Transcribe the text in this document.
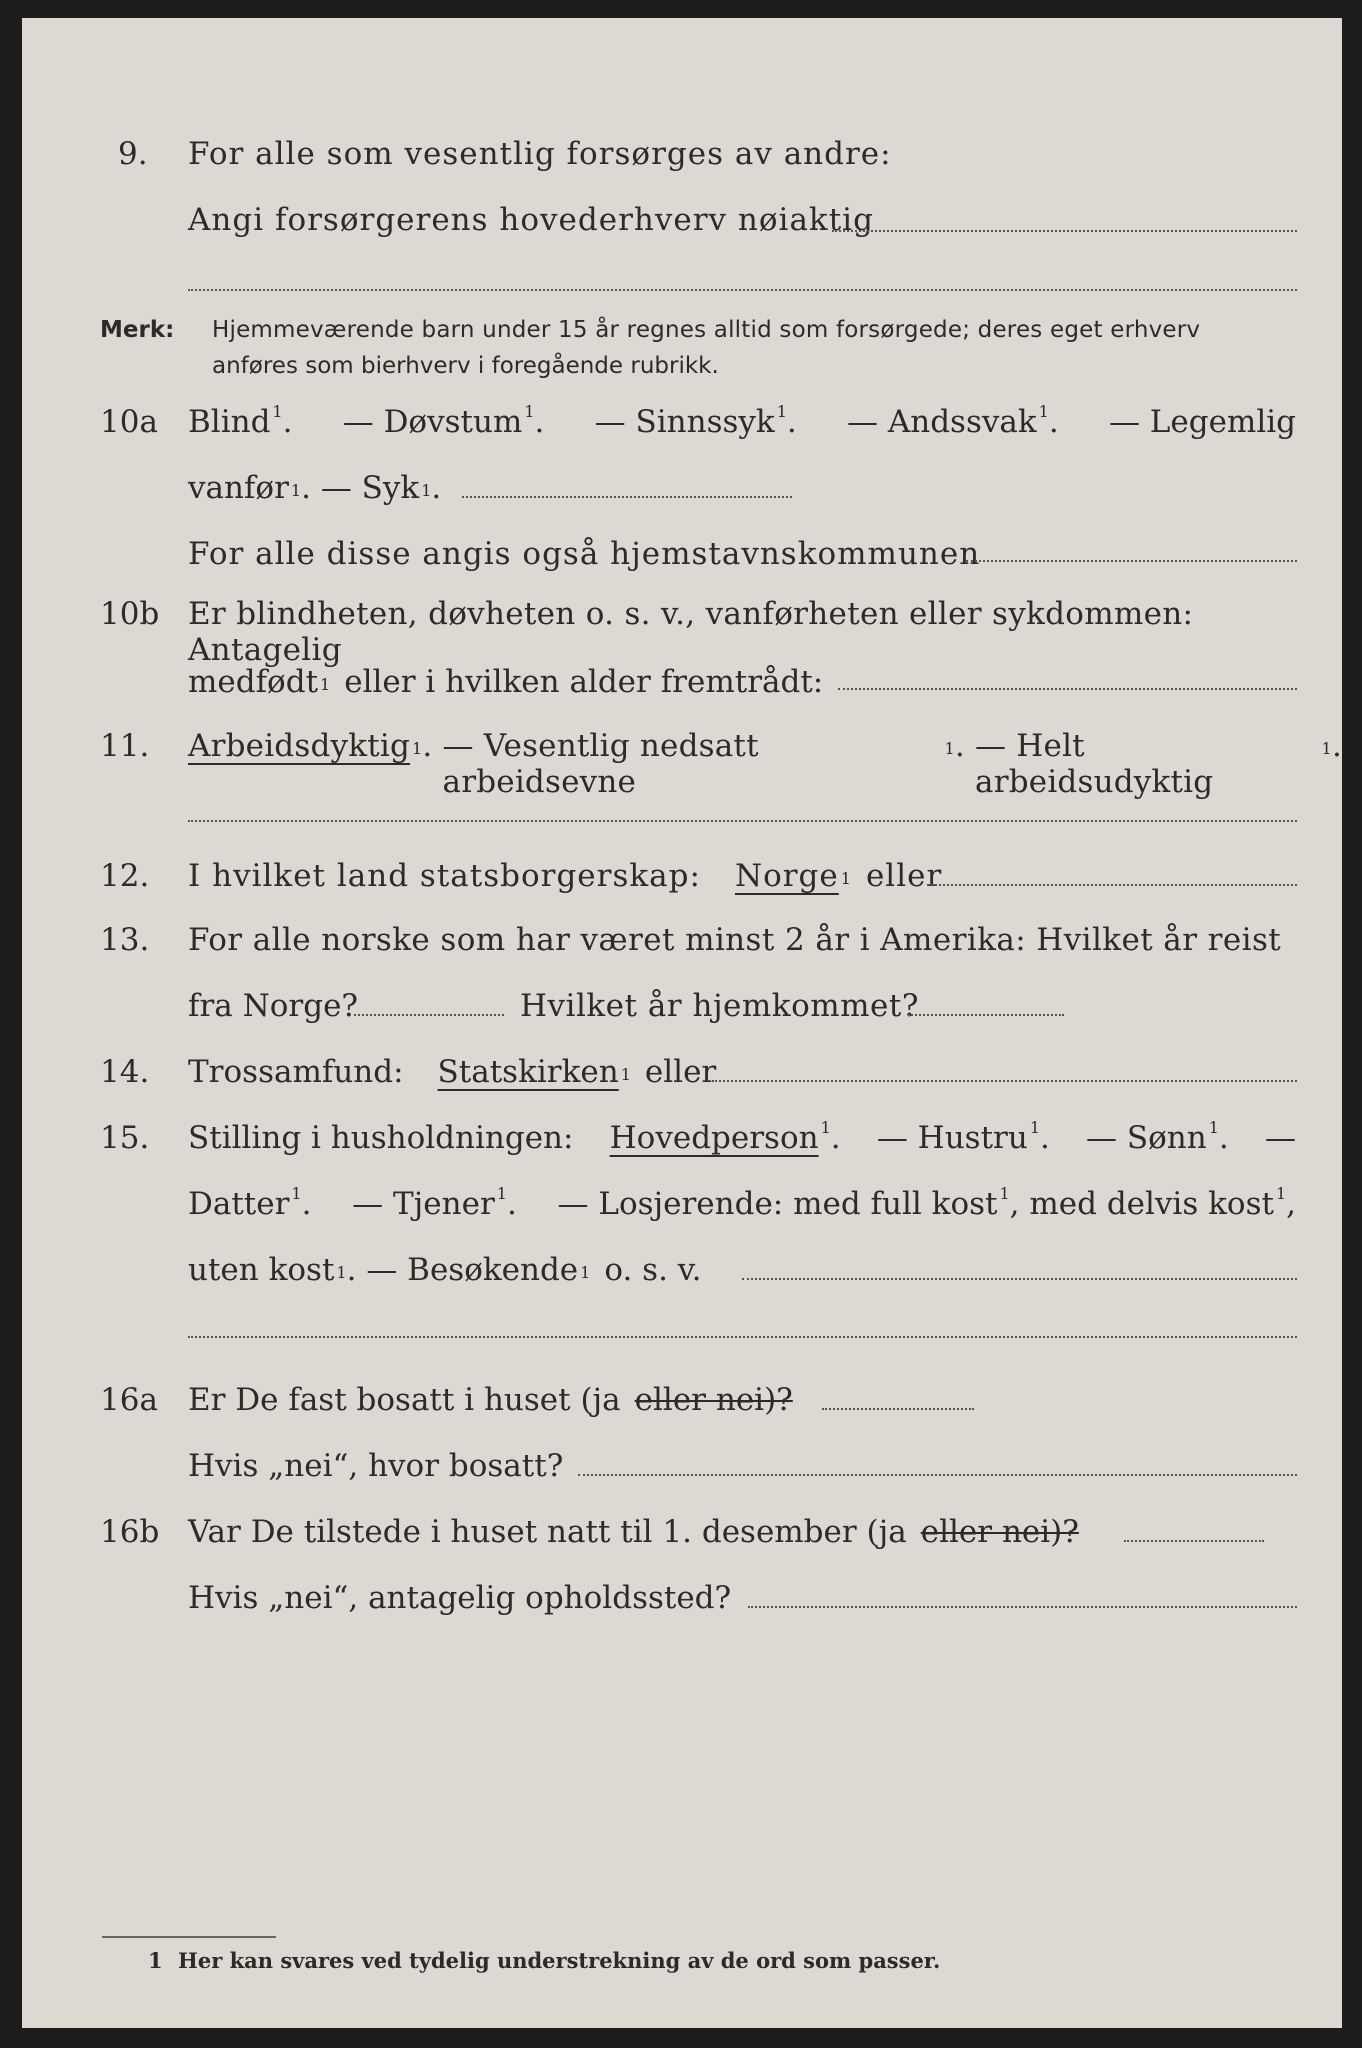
9. For alle som vesentlig forsørges av andre:
Angi forsørgerens hovederhverv nøiaktig
Merk: Hjemmeværende barn under 15 år regnes alltid som forsørgede; deres eget erhverv
anføres som bierhverv i foregående rubrikk.
10a Blind $^1$. — Døvstum $^1$. — Sinnssyk $^1$. — Andssvak $^1$. — Legemlig
vanfør$^1$ . — Syk$^1$ .
For alle disse angis også hjemstavnskommunen
10b Er blindheten, døvheten o. s. v., vanførheten eller sykdommen: Antagelig
medfødt$^1$ eller i hvilken alder fremtrådt:
11. Arbeidsdyktig$^1$ . — Vesentlig nedsatt arbeidsevne
$^1$ . — Helt arbeidsudyktig
$^1$ .
12. I hvilket land statsborgerskap: Norge$^1$ eller
13. For alle norske som har været minst 2 år i Amerika: Hvilket år reist
fra Norge?	Hvilket år hjemkommet?
14. Trossamfund: Statskirken$^1$ eller
15. Stilling i husholdningen: Hovedperson $^1$. — Hustru $^1$. — Sønn $^1$. —
Datter $^1$. — Tjener $^1$. — Losjerende: med full kost $^1$, med delvis kost $^1$,
uten kost$^1$ . — Besøkende$^1$ o. s. v.
16a Er De fast bosatt i huset (ja eller nei)?
Hvis „nei“, hvor bosatt?
16b Var De tilstede i huset natt til 1. desember (ja eller nei)?
Hvis „nei“, antagelig opholdssted?
1 Her kan svares ved tydelig understrekning av de ord som passer.
